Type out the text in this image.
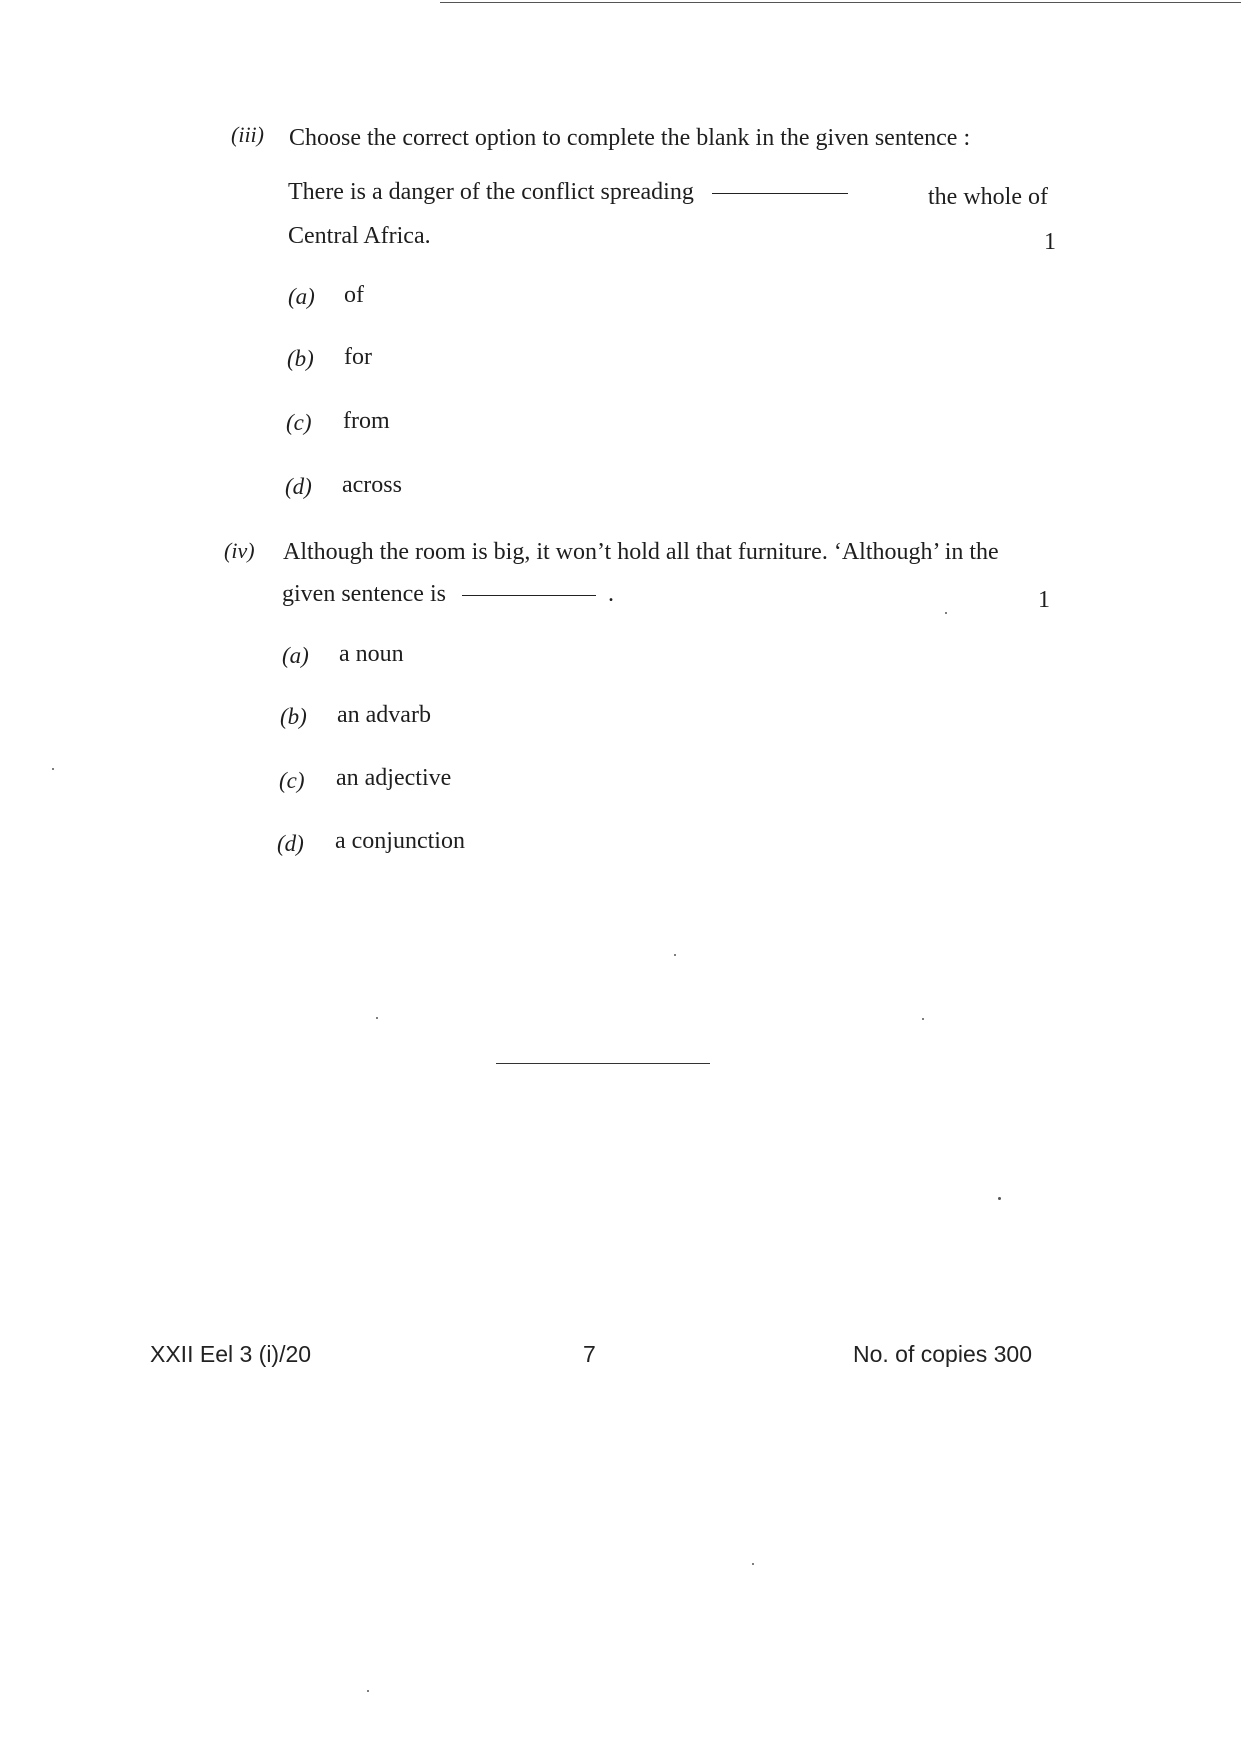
(iii) Choose the correct option to complete the blank in the given sentence :
There is a danger of the conflict spreading	the whole of
Central Africa.	1
(a) of
(b) for
(c) from
(d) across
(iv) Although the room is big, it won’t hold all that furniture. ‘Although’ in the
given sentence is	.	1
(a) a noun
(b) an advarb
(c) an adjective
(d) a conjunction
XXII Eel 3 (i)/20	7	No. of copies 300
